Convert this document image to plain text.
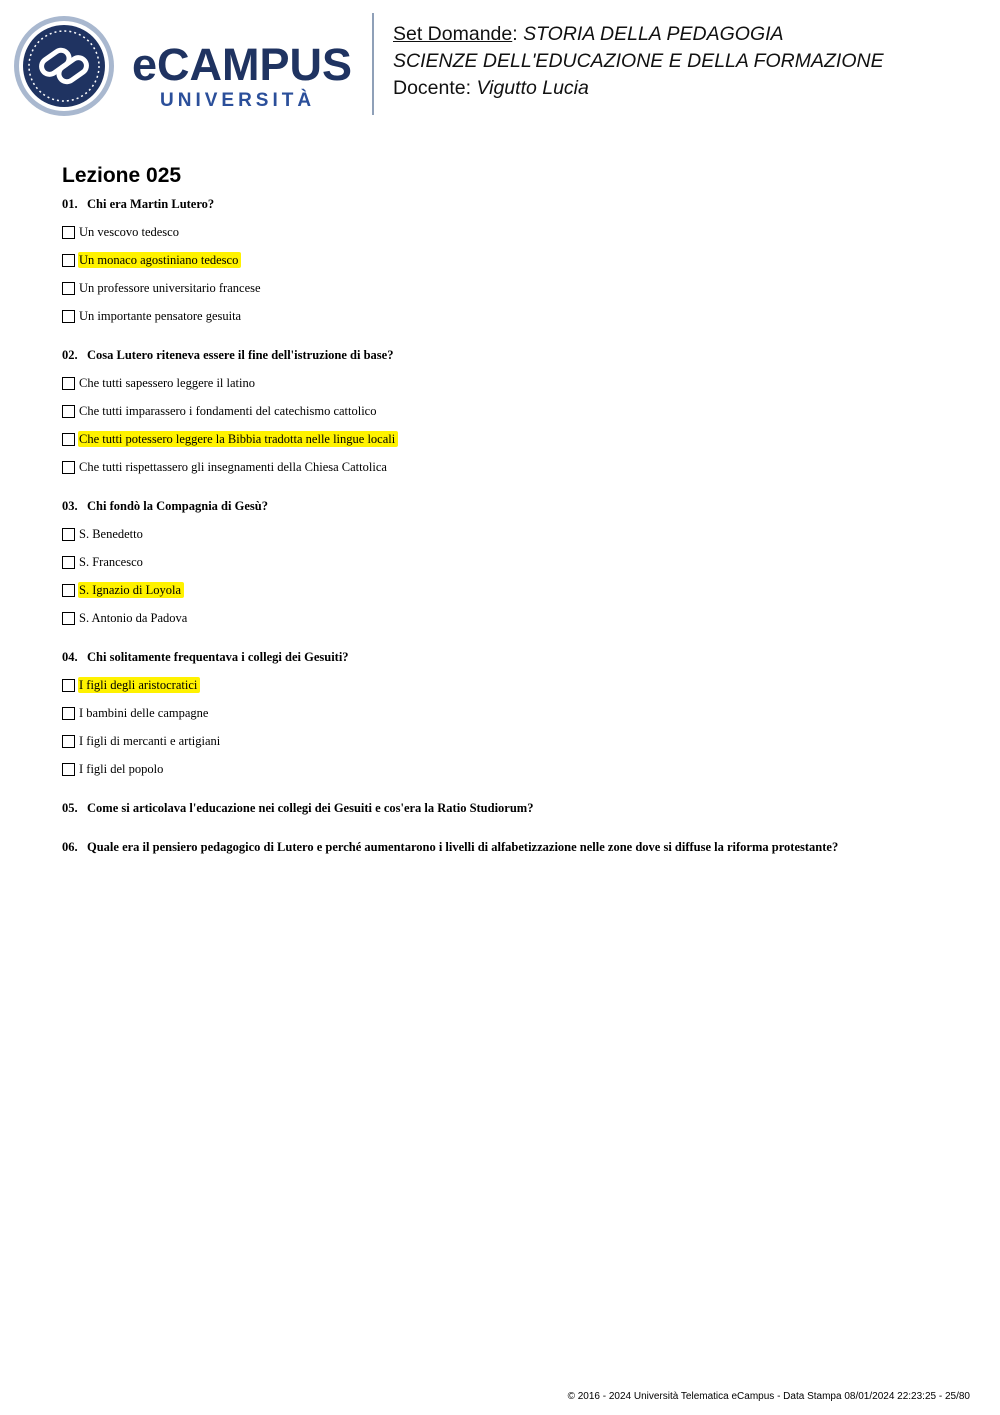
eCAMPUS
UNIVERSITÀ
Set Domande: STORIA DELLA PEDAGOGIA
SCIENZE DELL'EDUCAZIONE E DELLA FORMAZIONE
Docente: Vigutto Lucia
Lezione 025
01. Chi era Martin Lutero?
Un vescovo tedesco
Un monaco agostiniano tedesco
Un professore universitario francese
Un importante pensatore gesuita
02. Cosa Lutero riteneva essere il fine dell'istruzione di base?
Che tutti sapessero leggere il latino
Che tutti imparassero i fondamenti del catechismo cattolico
Che tutti potessero leggere la Bibbia tradotta nelle lingue locali
Che tutti rispettassero gli insegnamenti della Chiesa Cattolica
03. Chi fondò la Compagnia di Gesù?
S. Benedetto
S. Francesco
S. Ignazio di Loyola
S. Antonio da Padova
04. Chi solitamente frequentava i collegi dei Gesuiti?
I figli degli aristocratici
I bambini delle campagne
I figli di mercanti e artigiani
I figli del popolo
05. Come si articolava l'educazione nei collegi dei Gesuiti e cos'era la Ratio Studiorum?
06. Quale era il pensiero pedagogico di Lutero e perché aumentarono i livelli di alfabetizzazione nelle zone dove si diffuse la riforma protestante?
© 2016 - 2024 Università Telematica eCampus - Data Stampa 08/01/2024 22:23:25 - 25/80
